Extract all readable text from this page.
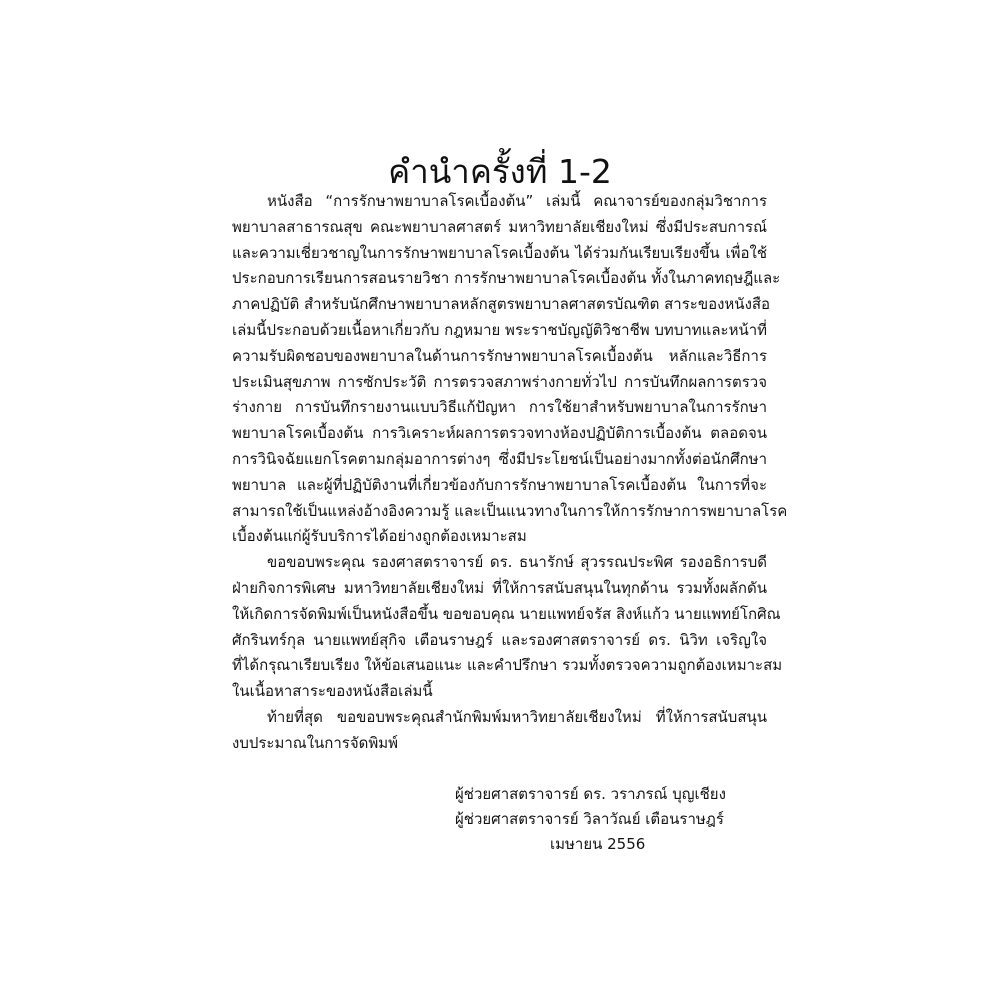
คำนำครั้งที่ 1-2
หนังสือ “การรักษาพยาบาลโรคเบื้องต้น” เล่มนี้ คณาจารย์ของกลุ่มวิชาการ
พยาบาลสาธารณสุข คณะพยาบาลศาสตร์ มหาวิทยาลัยเชียงใหม่ ซึ่งมีประสบการณ์
และความเชี่ยวชาญในการรักษาพยาบาลโรคเบื้องต้น ได้ร่วมกันเรียบเรียงขึ้น เพื่อใช้
ประกอบการเรียนการสอนรายวิชา การรักษาพยาบาลโรคเบื้องต้น ทั้งในภาคทฤษฎีและ
ภาคปฏิบัติ สำหรับนักศึกษาพยาบาลหลักสูตรพยาบาลศาสตรบัณฑิต สาระของหนังสือ
เล่มนี้ประกอบด้วยเนื้อหาเกี่ยวกับ กฎหมาย พระราชบัญญัติวิชาชีพ บทบาทและหน้าที่
ความรับผิดชอบของพยาบาลในด้านการรักษาพยาบาลโรคเบื้องต้น หลักและวิธีการ
ประเมินสุขภาพ การซักประวัติ การตรวจสภาพร่างกายทั่วไป การบันทึกผลการตรวจ
ร่างกาย การบันทึกรายงานแบบวิธีแก้ปัญหา การใช้ยาสำหรับพยาบาลในการรักษา
พยาบาลโรคเบื้องต้น การวิเคราะห์ผลการตรวจทางห้องปฏิบัติการเบื้องต้น ตลอดจน
การวินิจฉัยแยกโรคตามกลุ่มอาการต่างๆ ซึ่งมีประโยชน์เป็นอย่างมากทั้งต่อนักศึกษา
พยาบาล และผู้ที่ปฏิบัติงานที่เกี่ยวข้องกับการรักษาพยาบาลโรคเบื้องต้น ในการที่จะ
สามารถใช้เป็นแหล่งอ้างอิงความรู้ และเป็นแนวทางในการให้การรักษาการพยาบาลโรค
เบื้องต้นแก่ผู้รับบริการได้อย่างถูกต้องเหมาะสม
ขอขอบพระคุณ รองศาสตราจารย์ ดร. ธนารักษ์ สุวรรณประพิศ รองอธิการบดี
ฝ่ายกิจการพิเศษ มหาวิทยาลัยเชียงใหม่ ที่ให้การสนับสนุนในทุกด้าน รวมทั้งผลักดัน
ให้เกิดการจัดพิมพ์เป็นหนังสือขึ้น ขอขอบคุณ นายแพทย์จรัส สิงห์แก้ว นายแพทย์โกศิณ
ศักรินทร์กุล นายแพทย์สุกิจ เตือนราษฎร์ และรองศาสตราจารย์ ดร. นิวิท เจริญใจ
ที่ได้กรุณาเรียบเรียง ให้ข้อเสนอแนะ และคำปรึกษา รวมทั้งตรวจความถูกต้องเหมาะสม
ในเนื้อหาสาระของหนังสือเล่มนี้
ท้ายที่สุด ขอขอบพระคุณสำนักพิมพ์มหาวิทยาลัยเชียงใหม่ ที่ให้การสนับสนุน
งบประมาณในการจัดพิมพ์
ผู้ช่วยศาสตราจารย์ ดร. วราภรณ์ บุญเชียง
ผู้ช่วยศาสตราจารย์ วิลาวัณย์ เตือนราษฎร์
เมษายน 2556
